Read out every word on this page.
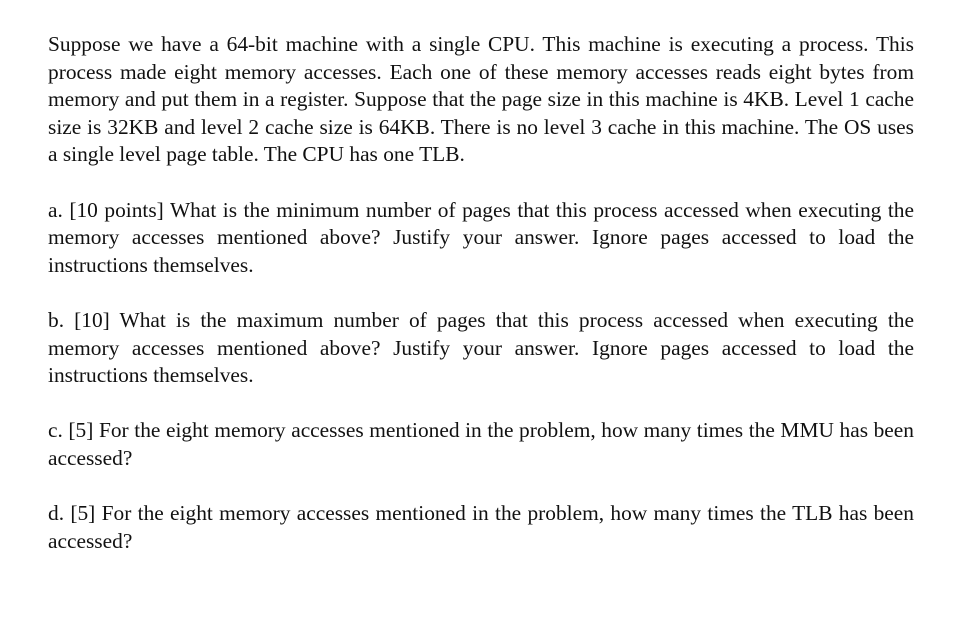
Suppose we have a 64-bit machine with a single CPU. This machine is executing a process. This process made eight memory accesses. Each one of these memory accesses reads eight bytes from memory and put them in a register. Suppose that the page size in this machine is 4KB. Level 1 cache size is 32KB and level 2 cache size is 64KB. There is no level 3 cache in this machine. The OS uses a single level page table. The CPU has one TLB.

a. [10 points] What is the minimum number of pages that this process accessed when executing the memory accesses mentioned above? Justify your answer. Ignore pages accessed to load the instructions themselves.

b. [10] What is the maximum number of pages that this process accessed when executing the memory accesses mentioned above? Justify your answer. Ignore pages accessed to load the instructions themselves.

c. [5] For the eight memory accesses mentioned in the problem, how many times the MMU has been accessed?

d. [5] For the eight memory accesses mentioned in the problem, how many times the TLB has been accessed?
